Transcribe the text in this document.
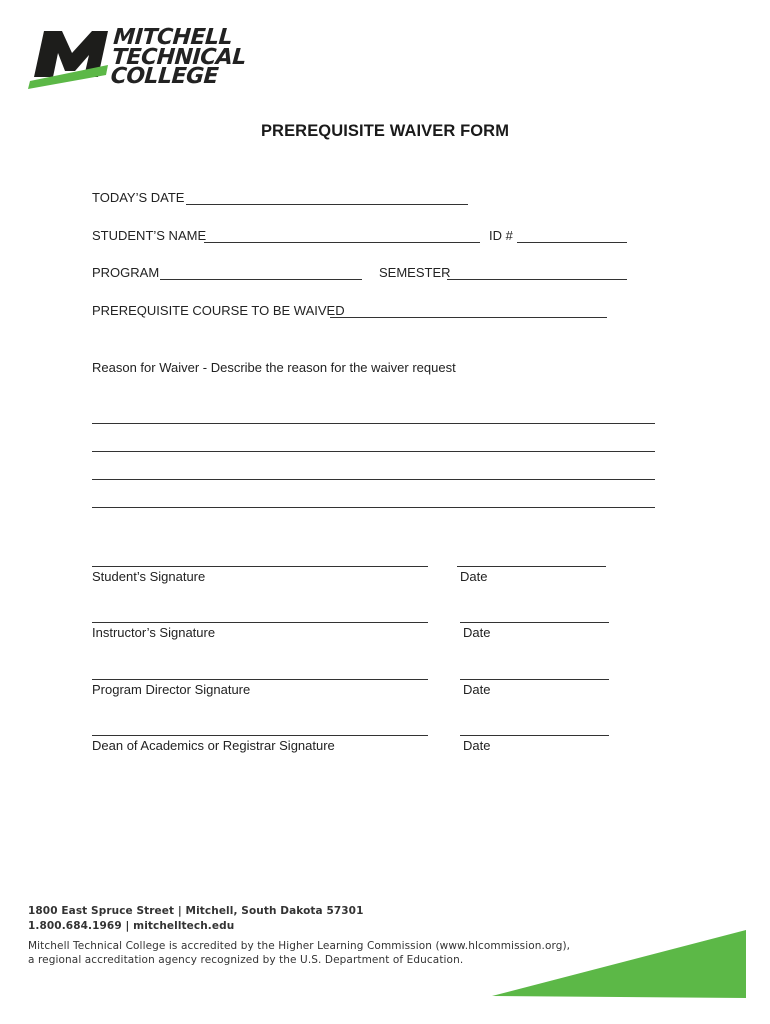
MITCHELL
TECHNICAL
COLLEGE
PREREQUISITE WAIVER FORM
TODAY’S DATE
STUDENT’S NAME	ID #
PROGRAM	SEMESTER
PREREQUISITE COURSE TO BE WAIVED
Reason for Waiver - Describe the reason for the waiver request
Student’s Signature	Date
Instructor’s Signature	Date
Program Director Signature	Date
Dean of Academics or Registrar Signature	Date
1800 East Spruce Street | Mitchell, South Dakota 57301
1.800.684.1969 | mitchelltech.edu
Mitchell Technical College is accredited by the Higher Learning Commission (www.hlcommission.org),
a regional accreditation agency recognized by the U.S. Department of Education.
